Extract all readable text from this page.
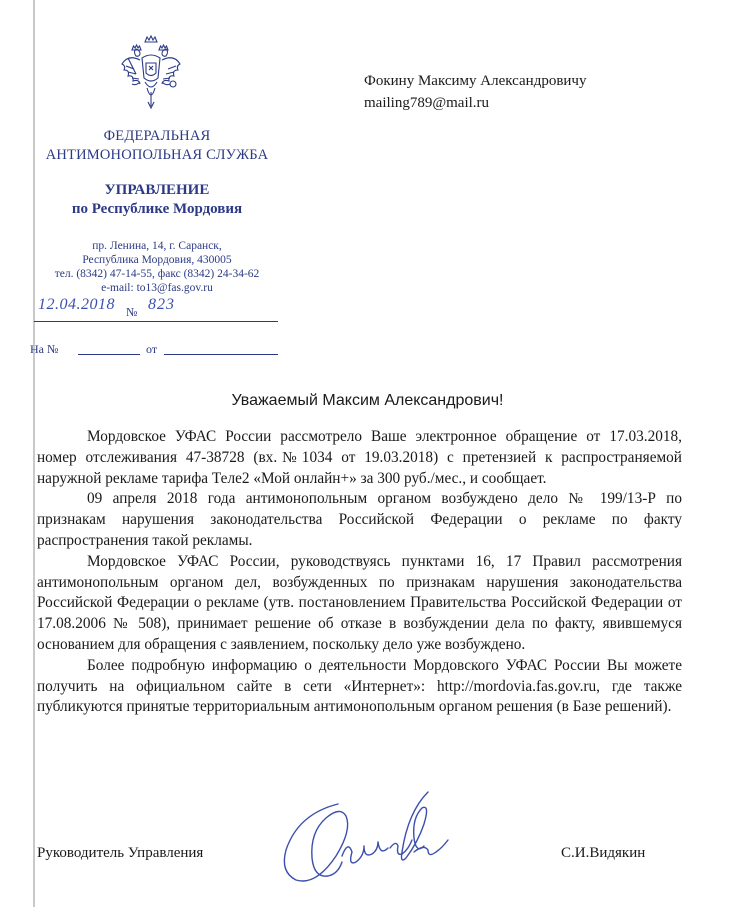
ФЕДЕРАЛЬНАЯ
АНТИМОНОПОЛЬНАЯ СЛУЖБА
УПРАВЛЕНИЕ
по Республике Мордовия
пр. Ленина, 14, г. Саранск,
Республика Мордовия, 430005
тел. (8342) 47-14-55, факс (8342) 24-34-62
e-mail: to13@fas.gov.ru
12.04.2018 № 823
На №	от
Фокину Максиму Александровичу
mailing789@mail.ru
Уважаемый Максим Александрович!

Мордовское УФАС России рассмотрело Ваше электронное обращение от 17.03.2018, номер отслеживания 47-38728 (вх.№1034 от 19.03.2018) с претензией к распространяемой наружной рекламе тарифа Теле2 «Мой онлайн+» за 300 руб./мес., и сообщает.

09 апреля 2018 года антимонопольным органом возбуждено дело № 199/13-Р по признакам нарушения законодательства Российской Федерации о рекламе по факту распространения такой рекламы.

Мордовское УФАС России, руководствуясь пунктами 16, 17 Правил рассмотрения антимонопольным органом дел, возбужденных по признакам нарушения законодательства Российской Федерации о рекламе (утв. постановлением Правительства Российской Федерации от 17.08.2006 № 508), принимает решение об отказе в возбуждении дела по факту, явившемуся основанием для обращения с заявлением, поскольку дело уже возбуждено.

Более подробную информацию о деятельности Мордовского УФАС России Вы можете получить на официальном сайте в сети «Интернет»: http://mordovia.fas.gov.ru, где также публикуются принятые территориальным антимонопольным органом решения (в Базе решений).

Руководитель Управления	С.И.Видякин
